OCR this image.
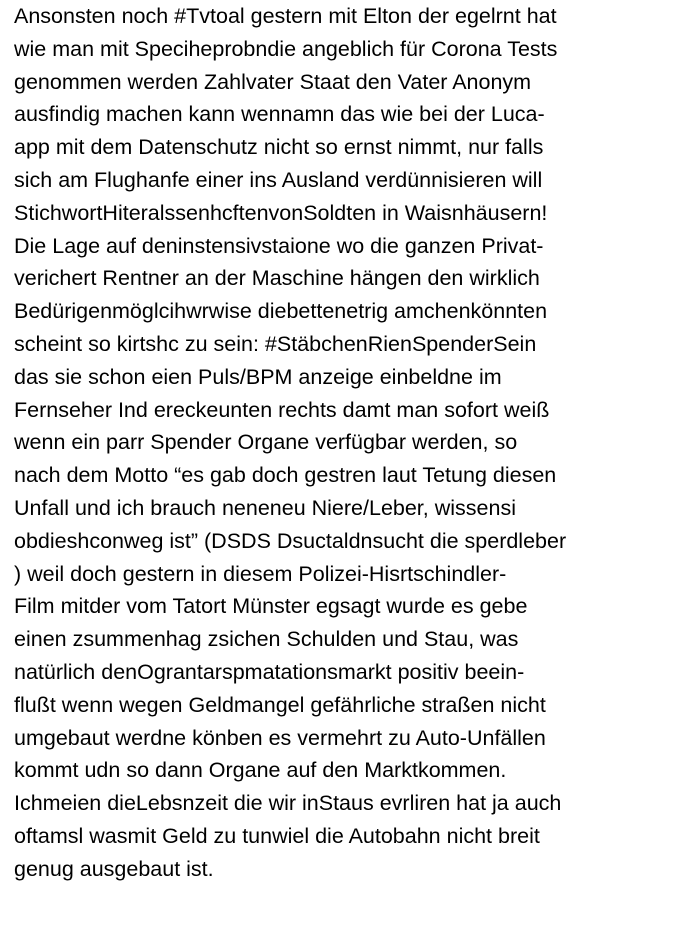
Ansonsten noch #Tvtoal gestern mit Elton der egelrnt hat
wie man mit Speciheprobndie angeblich für Corona Tests
genommen werden Zahlvater Staat den Vater Anonym
ausfindig machen kann wennamn das wie bei der Luca-
app mit dem Datenschutz nicht so ernst nimmt, nur falls
sich am Flughanfe einer ins Ausland verdünnisieren will
StichwortHiteralssenhcftenvonSoldten in Waisnhäusern!
Die Lage auf deninstensivstaione wo die ganzen Privat-
verichert Rentner an der Maschine hängen den wirklich
Bedürigenmöglcihwrwise diebettenetrig amchenkönnten
scheint so kirtshc zu sein: #StäbchenRienSpenderSein
das sie schon eien Puls/BPM anzeige einbeldne im
Fernseher Ind ereckeunten rechts damt man sofort weiß
wenn ein parr Spender Organe verfügbar werden, so
nach dem Motto “es gab doch gestren laut Tetung diesen
Unfall und ich brauch neneneu Niere/Leber, wissensi
obdieshconweg ist” (DSDS Dsuctaldnsucht die sperdleber
) weil doch gestern in diesem Polizei-Hisrtschindler-
Film mitder vom Tatort Münster egsagt wurde es gebe
einen zsummenhag zsichen Schulden und Stau, was
natürlich denOgrantarspmatationsmarkt positiv beein-
flußt wenn wegen Geldmangel gefährliche straßen nicht
umgebaut werdne könben es vermehrt zu Auto-Unfällen
kommt udn so dann Organe auf den Marktkommen.
Ichmeien dieLebsnzeit die wir inStaus evrliren hat ja auch
oftamsl wasmit Geld zu tunwiel die Autobahn nicht breit
genug ausgebaut ist.
